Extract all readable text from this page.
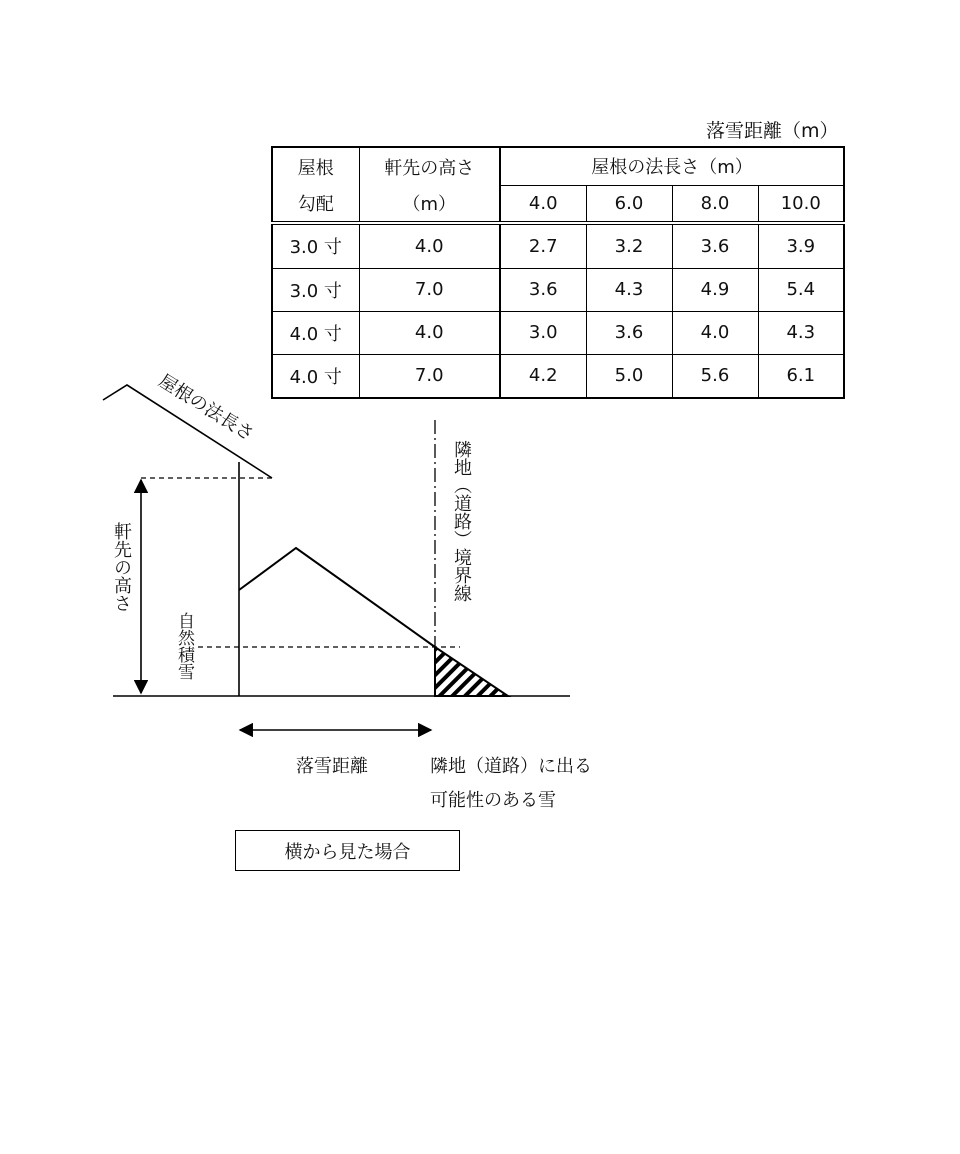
落雪距離（m）
屋根	軒先の高さ	屋根の法長さ（m）			
勾配	（m）	4.0	6.0	8.0	10.0
3.0 寸	4.0	2.7	3.2	3.6	3.9
3.0 寸	7.0	3.6	4.3	4.9	5.4
4.0 寸	4.0	3.0	3.6	4.0	4.3
4.0 寸	7.0	4.2	5.0	5.6	6.1
屋根の法長さ
軒先の高さ
自然積雪
隣地（道路）境界線
落雪距離	隣地（道路）に出る
可能性のある雪
横から見た場合
